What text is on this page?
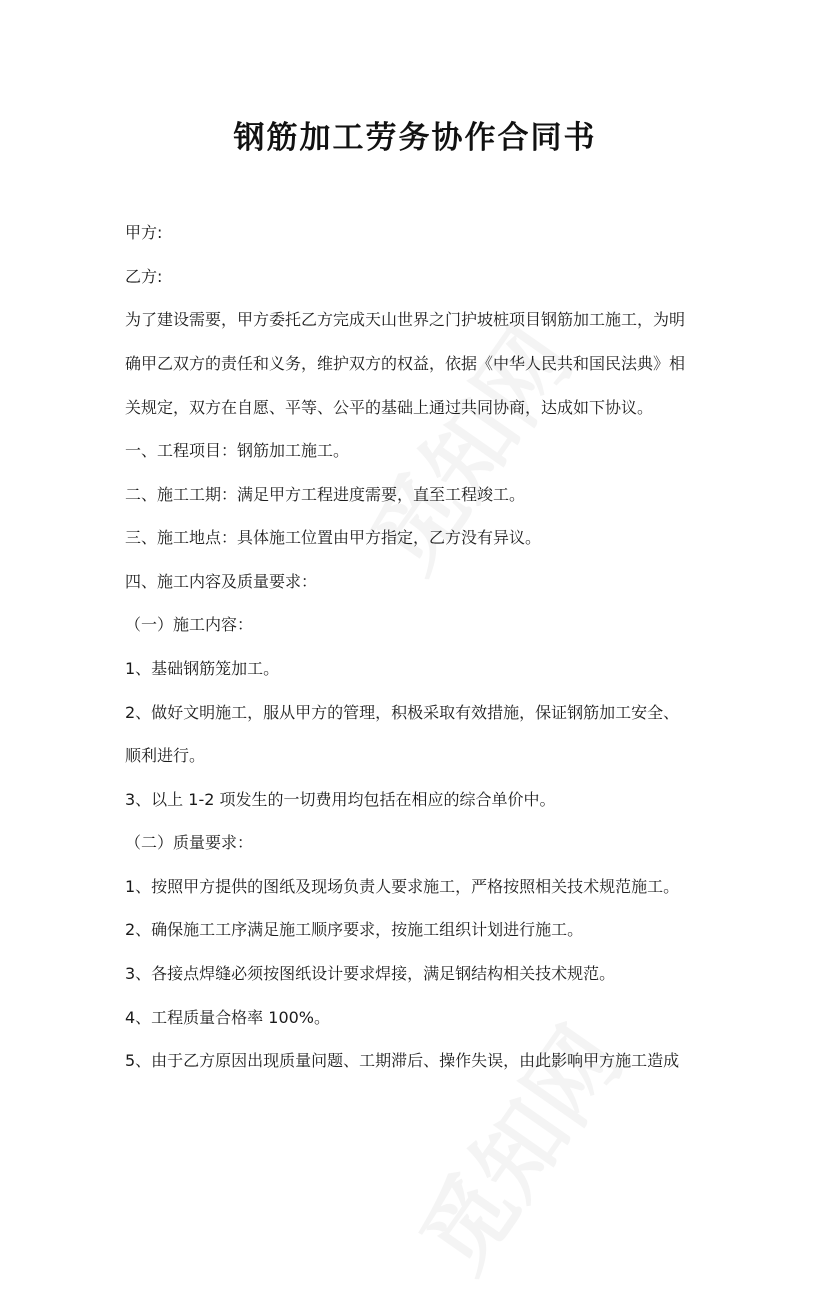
钢筋加工劳务协作合同书

甲方:

乙方:

为了建设需要，甲方委托乙方完成天山世界之门护坡桩项目钢筋加工施工，为明

确甲乙双方的责任和义务，维护双方的权益，依据《中华人民共和国民法典》相

关规定，双方在自愿、平等、公平的基础上通过共同协商，达成如下协议。

一、工程项目：钢筋加工施工。

二、施工工期：满足甲方工程进度需要，直至工程竣工。

三、施工地点：具体施工位置由甲方指定，乙方没有异议。

四、施工内容及质量要求：

（一）施工内容：

1、基础钢筋笼加工。

2、做好文明施工，服从甲方的管理，积极采取有效措施，保证钢筋加工安全、

顺利进行。

3、以上 1-2 项发生的一切费用均包括在相应的综合单价中。

（二）质量要求：

1、按照甲方提供的图纸及现场负责人要求施工，严格按照相关技术规范施工。

2、确保施工工序满足施工顺序要求，按施工组织计划进行施工。

3、各接点焊缝必须按图纸设计要求焊接，满足钢结构相关技术规范。

4、工程质量合格率 100%。

5、由于乙方原因出现质量问题、工期滞后、操作失误，由此影响甲方施工造成
